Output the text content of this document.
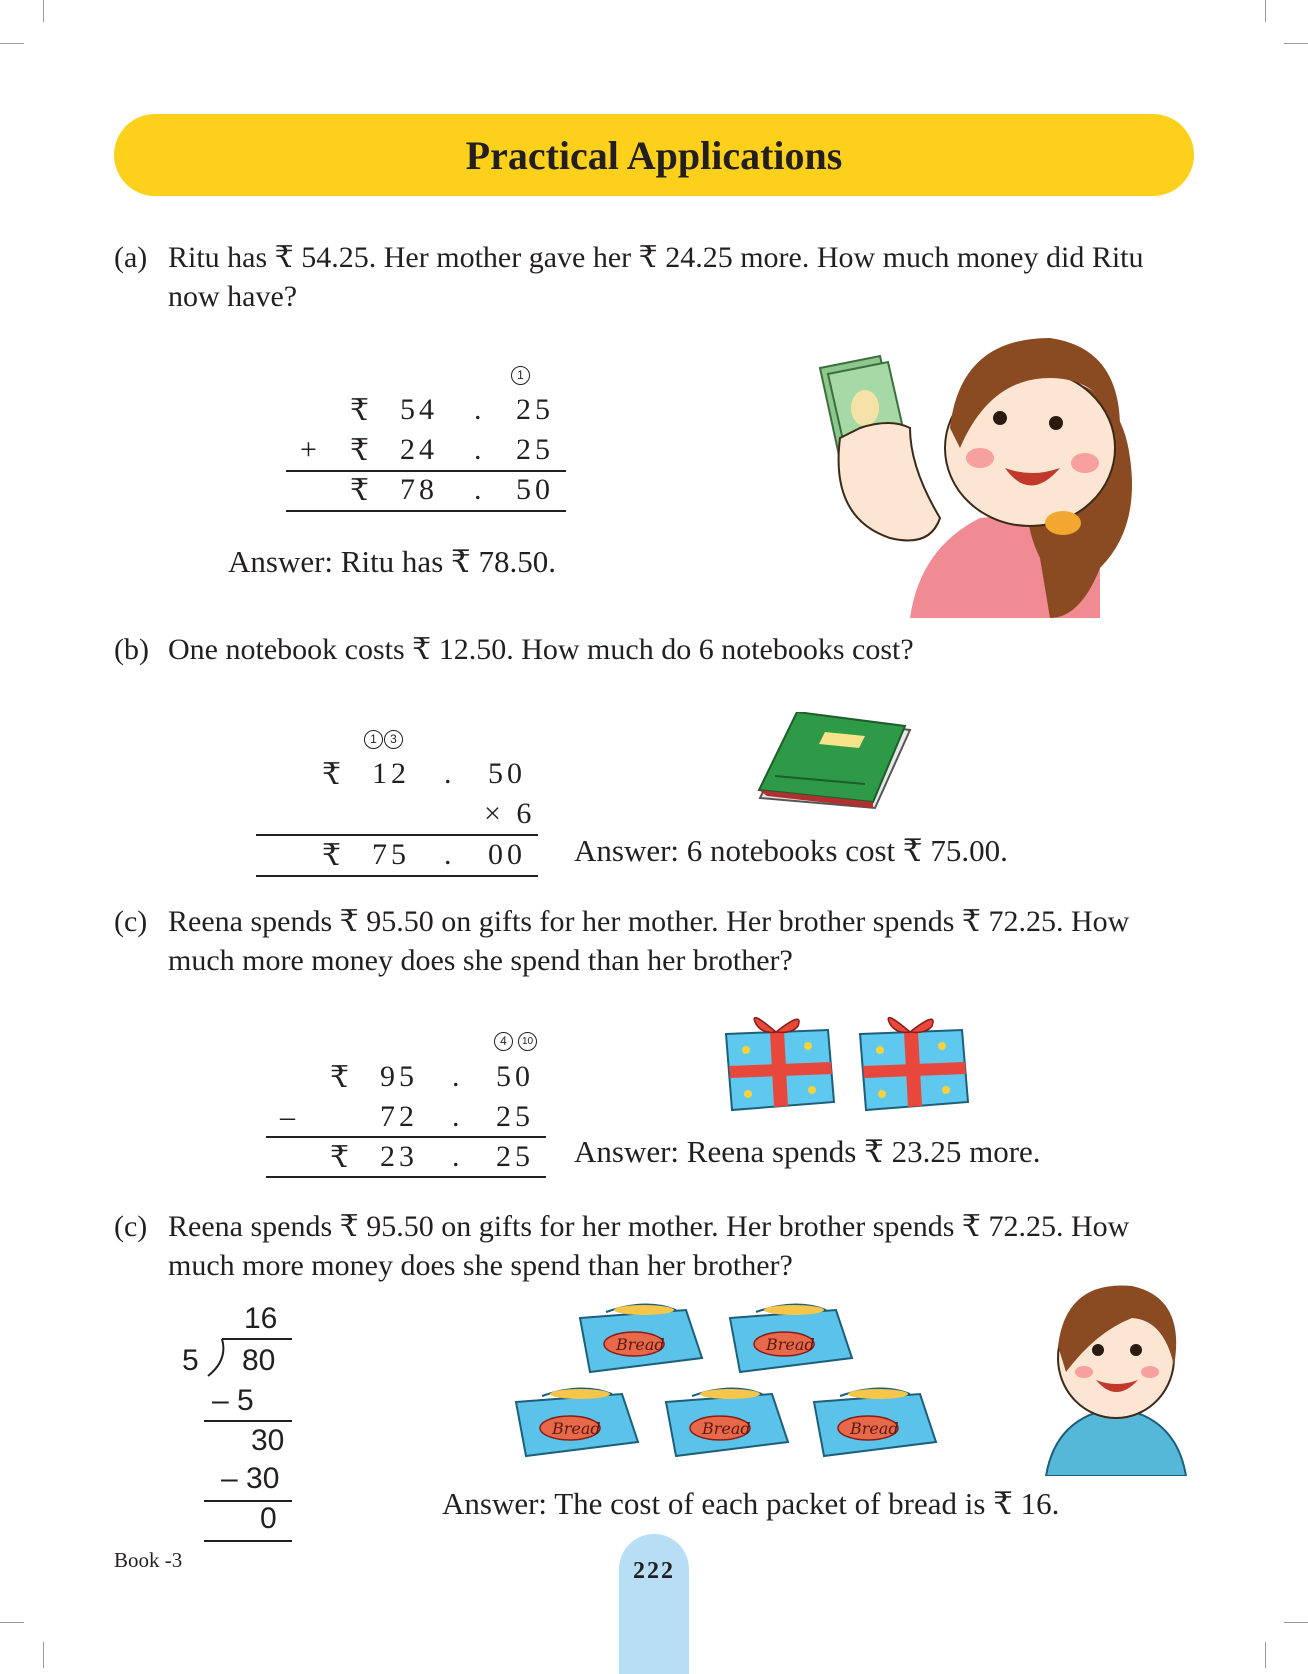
Practical Applications
(a) Ritu has ₹ 54.25. Her mother gave her ₹ 24.25 more. How much money did Ritu
now have?
1
₹ 54 . 25
+ ₹ 24 . 25
₹ 78 . 50
Answer: Ritu has ₹ 78.50.
(b) One notebook costs ₹ 12.50. How much do 6 notebooks cost?
1	3
₹ 12 . 50
× 6
₹ 75 . 00 Answer: 6 notebooks cost ₹ 75.00.
(c) Reena spends ₹ 95.50 on gifts for her mother. Her brother spends ₹ 72.25. How
much more money does she spend than her brother?
4	10
₹ 95 . 50
–	72 . 25
₹ 23 . 25 Answer: Reena spends ₹ 23.25 more.
(c) Reena spends ₹ 95.50 on gifts for her mother. Her brother spends ₹ 72.25. How
much more money does she spend than her brother?
16
5 80
– 5
30
– 30
0
Bread	Bread
Bread	Bread	Bread
Answer: The cost of each packet of bread is ₹ 16.
Book -3	222
